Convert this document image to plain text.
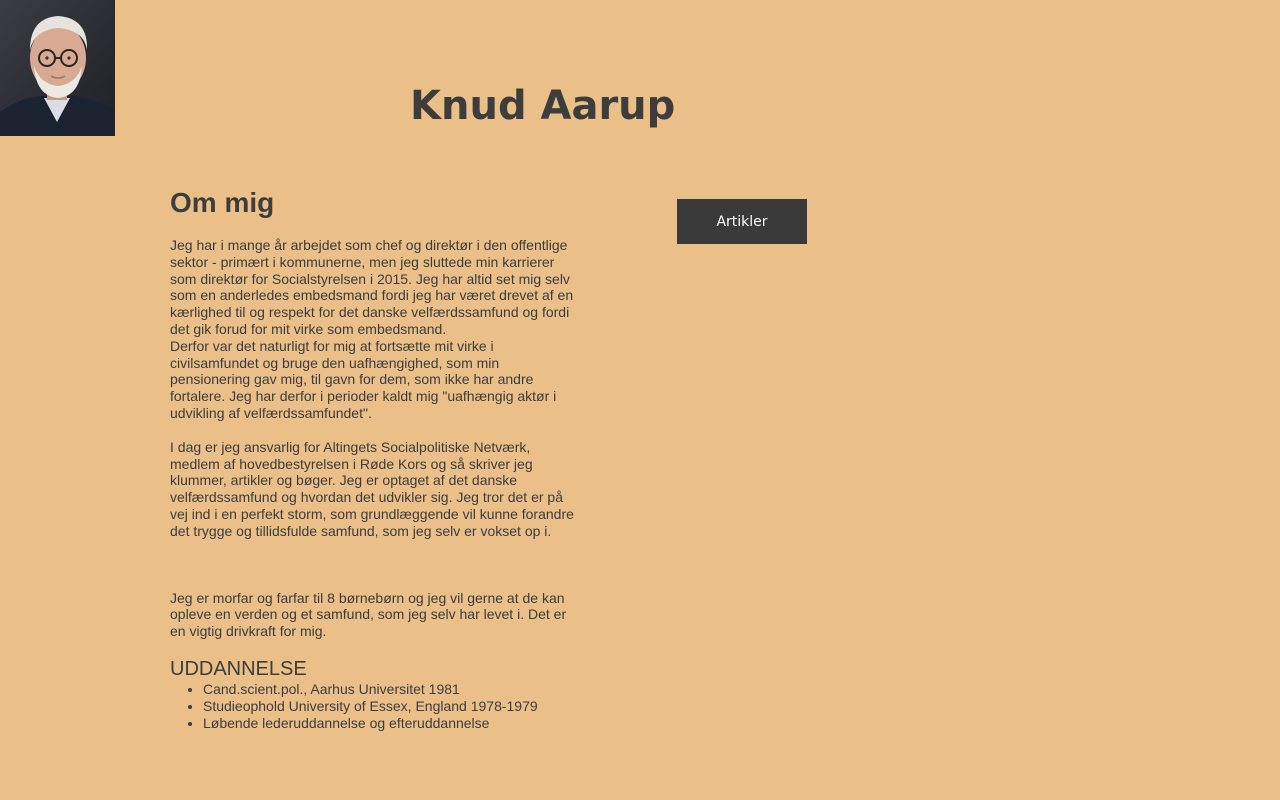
Knud Aarup
Artikler
Om mig

Jeg har i mange år arbejdet som chef og direktør i den offentlige sektor - primært i kommunerne, men jeg sluttede min karrierer som direktør for Socialstyrelsen i 2015. Jeg har altid set mig selv som en anderledes embedsmand fordi jeg har været drevet af en kærlighed til og respekt for det danske velfærdssamfund og fordi det gik forud for mit virke som embedsmand.

Derfor var det naturligt for mig at fortsætte mit virke i civilsamfundet og bruge den uafhængighed, som min pensionering gav mig, til gavn for dem, som ikke har andre fortalere. Jeg har derfor i perioder kaldt mig "uafhængig aktør i udvikling af velfærdssamfundet".

I dag er jeg ansvarlig for Altingets Socialpolitiske Netværk, medlem af hovedbestyrelsen i Røde Kors og så skriver jeg klummer, artikler og bøger. Jeg er optaget af det danske velfærdssamfund og hvordan det udvikler sig. Jeg tror det er på vej ind i en perfekt storm, som grundlæggende vil kunne forandre det trygge og tillidsfulde samfund, som jeg selv er vokset op i.

Jeg er morfar og farfar til 8 børnebørn og jeg vil gerne at de kan opleve en verden og et samfund, som jeg selv har levet i. Det er en vigtig drivkraft for mig.

UDDANNELSE
• Cand.scient.pol., Aarhus Universitet 1981
• Studieophold University of Essex, England 1978-1979
• Løbende lederuddannelse og efteruddannelse
